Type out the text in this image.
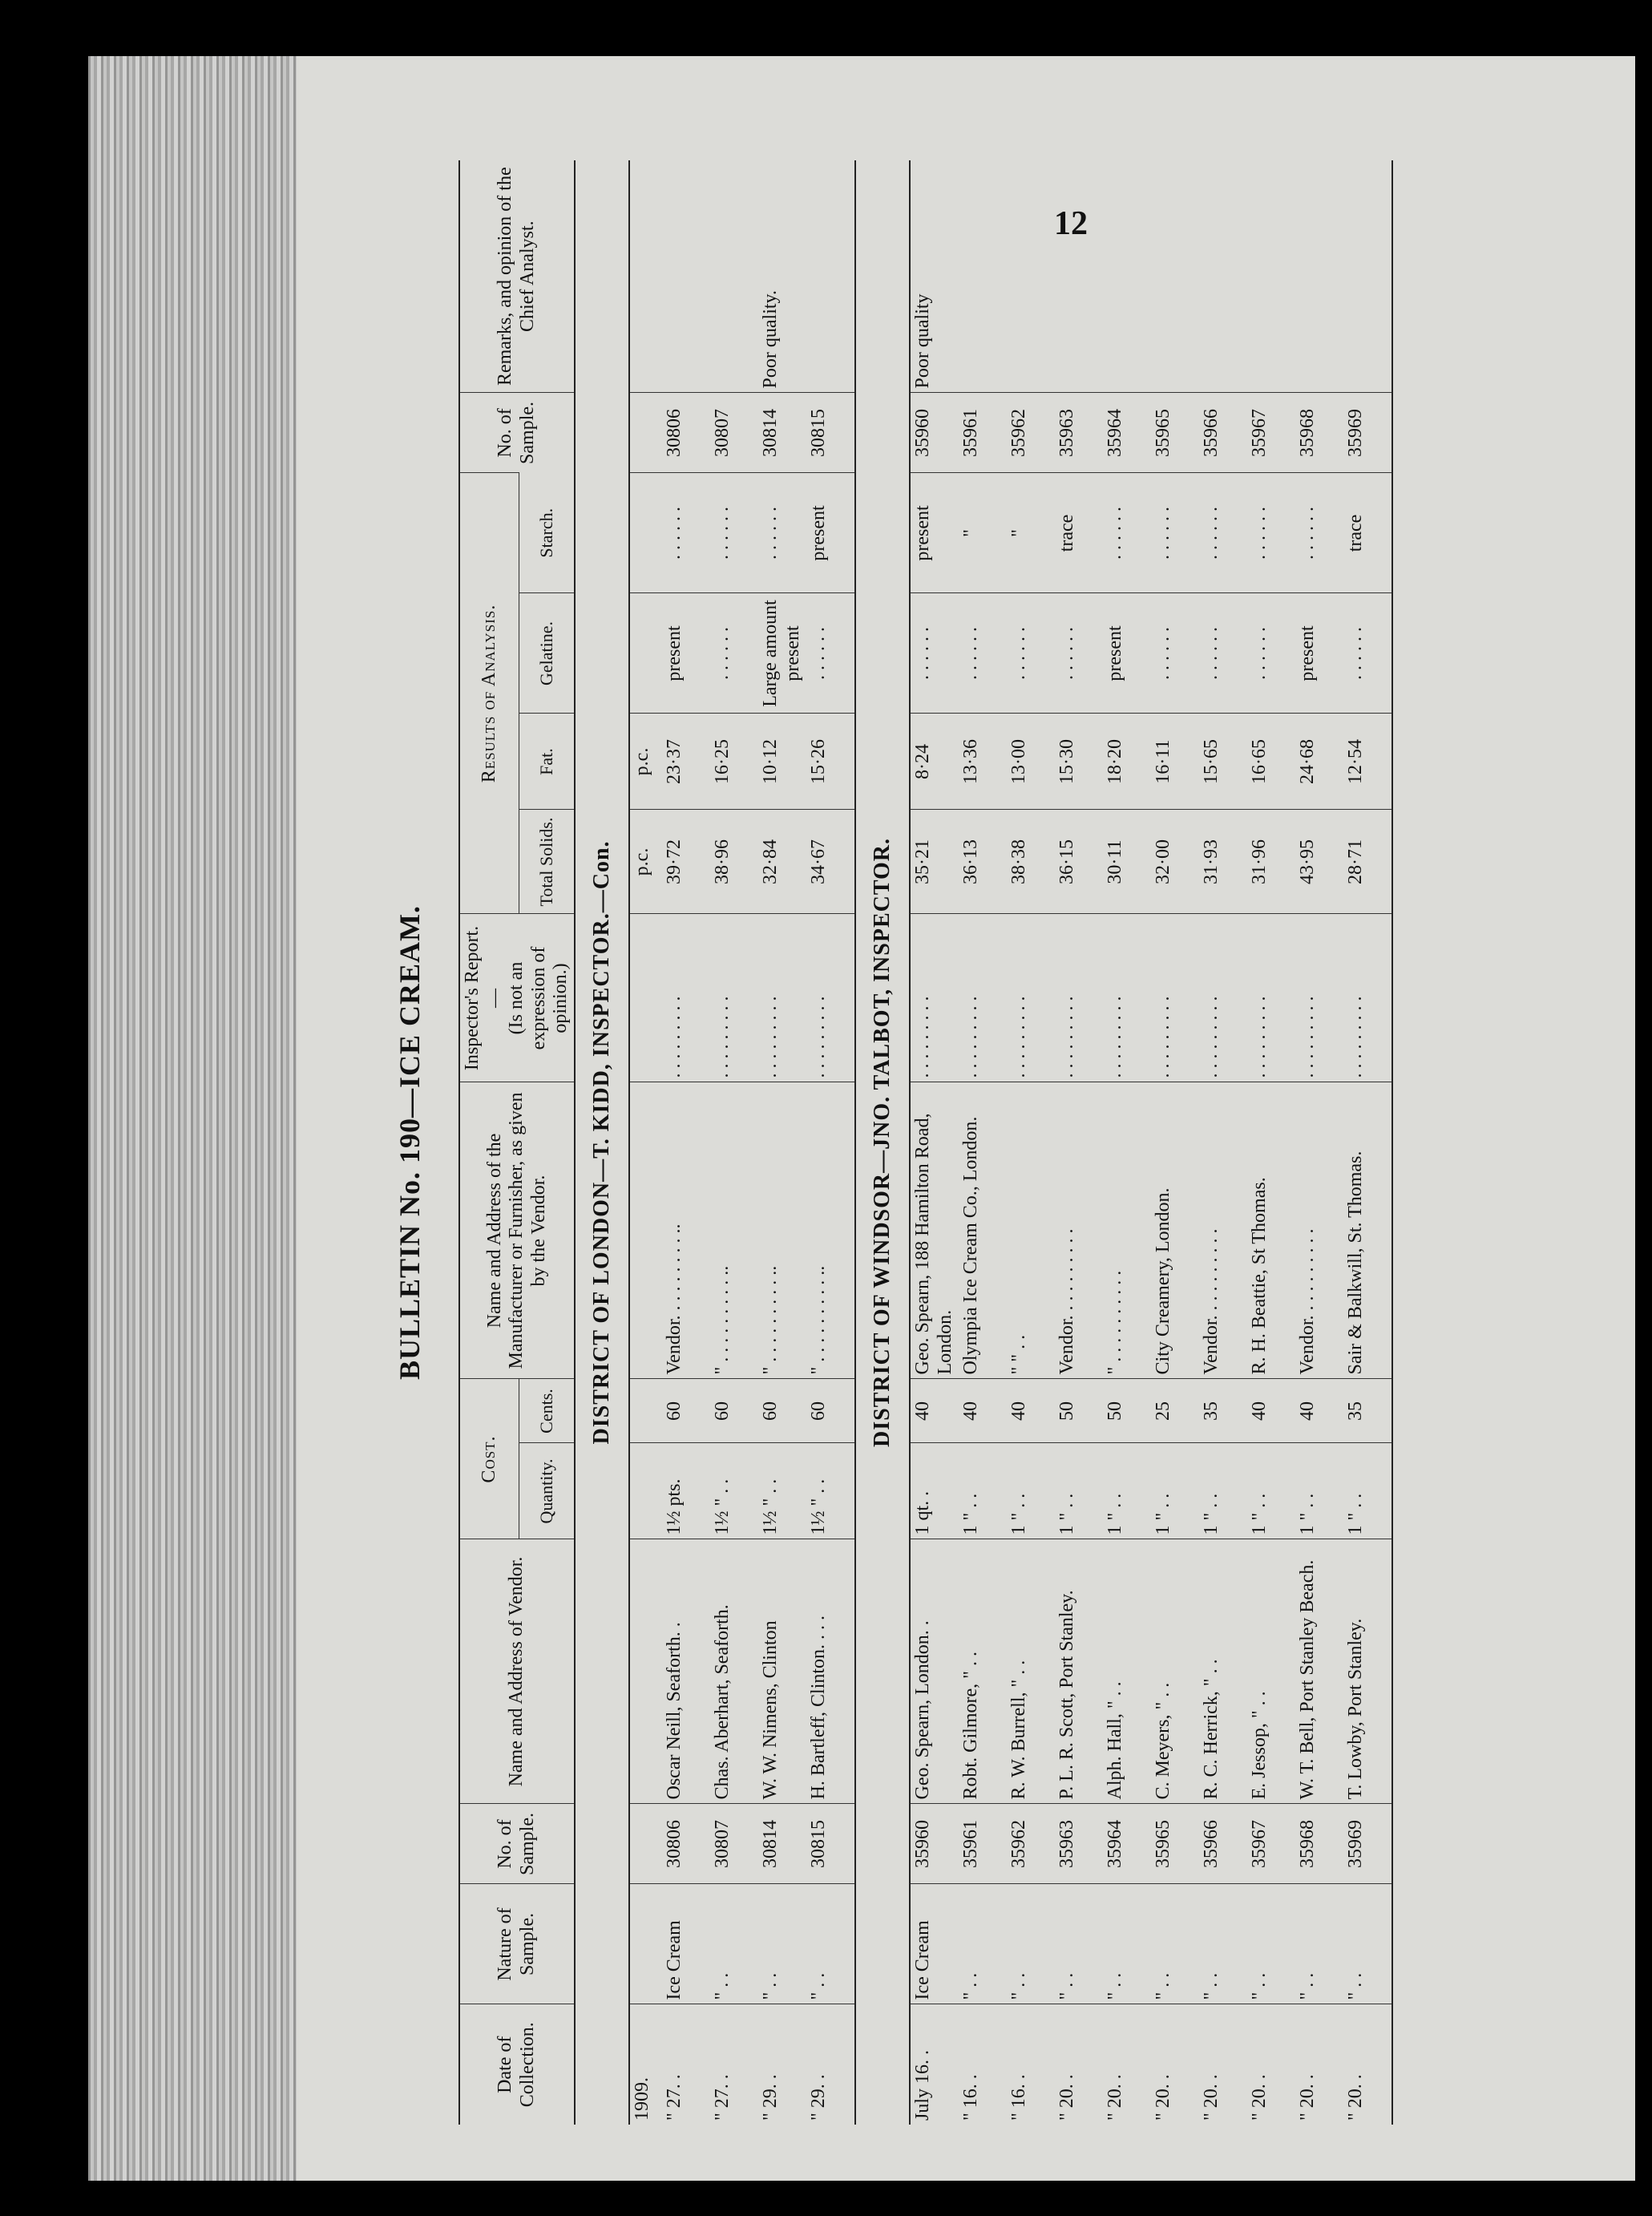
12
BULLETIN No. 190—ICE CREAM.
Date of Collection.	Nature of Sample.	No. of Sample.	Name and Address of Vendor.	Cost.		Name and Address of the Manufacturer or Furnisher, as given by the Vendor.	Inspector's Report. — (Is not an expression of opinion.)	Results of Analysis.				No. of Sample.	Remarks, and opinion of the Chief Analyst.
				Quantity.	Cents.			Total Solids.	Fat.	Gelatine.	Starch.		
DISTRICT OF LONDON—T. KIDD, INSPECTOR.—Con.													
1909.								p.c.	p.c.				
" 27. .	Ice Cream	30806	Oscar Neill, Seaforth. .	1½ pts.	60	Vendor. . . . . . . . . ..	. . . . . . . . .	39·72	23·37	present	. . . . . .	30806	
" 27. .	" . .	30807	Chas. Aberhart, Seaforth.	1½ " . .	60	" . . . . . . . . . ..	. . . . . . . . .	38·96	16·25	. . . . . .	. . . . . .	30807	
" 29. .	" . .	30814	W. W. Nimens, Clinton	1½ " . .	60	" . . . . . . . . . ..	. . . . . . . . .	32·84	10·12	Large amount present	. . . . . .	30814	Poor quality.
" 29. .	" . .	30815	H. Bartleff, Clinton. . . .	1½ " . .	60	" . . . . . . . . . ..	. . . . . . . . .	34·67	15·26	. . . . . .	present	30815	
DISTRICT OF WINDSOR—JNO. TALBOT, INSPECTOR.													
July 16. .	Ice Cream	35960	Geo. Spearn, London. .	1 qt. .	40	Geo. Spearn, 188 Hamilton Road, London.	. . . . . . . . .	35·21	8·24	. . . . . .	present	35960	Poor quality
" 16. .	" . .	35961	Robt. Gilmore, " . .	1 " . .	40	Olympia Ice Cream Co., London.	. . . . . . . . .	36·13	13·36	. . . . . .	"	35961	
" 16. .	" . .	35962	R. W. Burrell, " . .	1 " . .	40	" " . .	. . . . . . . . .	38·38	13·00	. . . . . .	"	35962	
" 20. .	" . .	35963	P. L. R. Scott, Port Stanley.	1 " . .	50	Vendor. . . . . . . . . .	. . . . . . . . .	36·15	15·30	. . . . . .	trace	35963	
" 20. .	" . .	35964	Alph. Hall, " . .	1 " . .	50	" . . . . . . . . . .	. . . . . . . . .	30·11	18·20	present	. . . . . .	35964	
" 20. .	" . .	35965	C. Meyers, " . .	1 " . .	25	City Creamery, London.	. . . . . . . . .	32·00	16·11	. . . . . .	. . . . . .	35965	
" 20. .	" . .	35966	R. C. Herrick, " . .	1 " . .	35	Vendor. . . . . . . . . .	. . . . . . . . .	31·93	15·65	. . . . . .	. . . . . .	35966	
" 20. .	" . .	35967	E. Jessop, " . .	1 " . .	40	R. H. Beattie, St Thomas.	. . . . . . . . .	31·96	16·65	. . . . . .	. . . . . .	35967	
" 20. .	" . .	35968	W. T. Bell, Port Stanley Beach.	1 " . .	40	Vendor. . . . . . . . . .	. . . . . . . . .	43·95	24·68	present	. . . . . .	35968	
" 20. .	" . .	35969	T. Lowby, Port Stanley.	1 " . .	35	Sair & Balkwill, St. Thomas.	. . . . . . . . .	28·71	12·54	. . . . . .	trace	35969	
